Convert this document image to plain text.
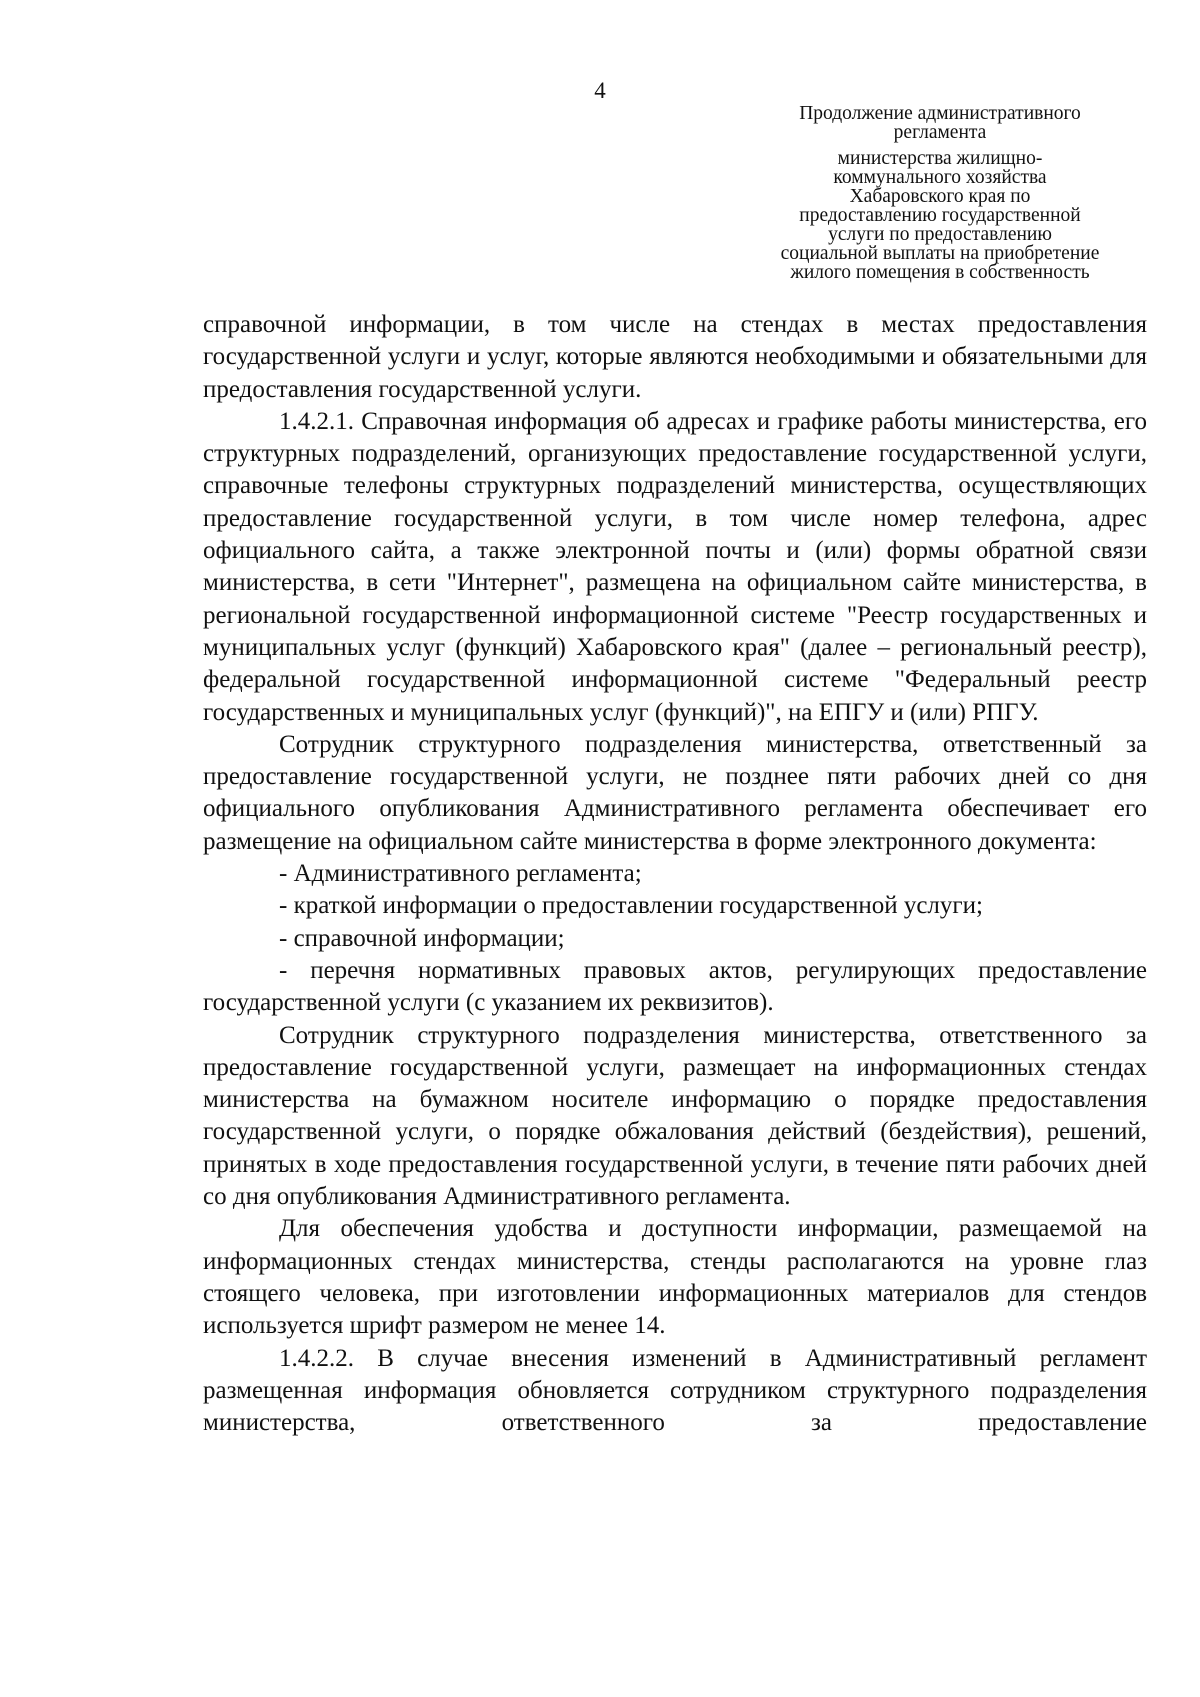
4
Продолжение административного
регламента
министерства жилищно-
коммунального хозяйства
Хабаровского края по
предоставлению государственной
услуги по предоставлению
социальной выплаты на приобретение
жилого помещения в собственность

справочной информации, в том числе на стендах в местах предоставления государственной услуги и услуг, которые являются необходимыми и обязательными для предоставления государственной услуги.

1.4.2.1. Справочная информация об адресах и графике работы министерства, его структурных подразделений, организующих предоставление государственной услуги, справочные телефоны структурных подразделений министерства, осуществляющих предоставление государственной услуги, в том числе номер телефона, адрес официального сайта, а также электронной почты и (или) формы обратной связи министерства, в сети "Интернет", размещена на официальном сайте министерства, в региональной государственной информационной системе "Реестр государственных и муниципальных услуг (функций) Хабаровского края" (далее – региональный реестр), федеральной государственной информационной системе "Федеральный реестр государственных и муниципальных услуг (функций)", на ЕПГУ и (или) РПГУ.

Сотрудник структурного подразделения министерства, ответственный за предоставление государственной услуги, не позднее пяти рабочих дней со дня официального опубликования Административного регламента обеспечивает его размещение на официальном сайте министерства в форме электронного документа:

- Административного регламента;

- краткой информации о предоставлении государственной услуги;

- справочной информации;

- перечня нормативных правовых актов, регулирующих предоставление государственной услуги (с указанием их реквизитов).

Сотрудник структурного подразделения министерства, ответственного за предоставление государственной услуги, размещает на информационных стендах министерства на бумажном носителе информацию о порядке предоставления государственной услуги, о порядке обжалования действий (бездействия), решений, принятых в ходе предоставления государственной услуги, в течение пяти рабочих дней со дня опубликования Административного регламента.

Для обеспечения удобства и доступности информации, размещаемой на информационных стендах министерства, стенды располагаются на уровне глаз стоящего человека, при изготовлении информационных материалов для стендов используется шрифт размером не менее 14.

1.4.2.2. В случае внесения изменений в Административный регламент размещенная информация обновляется сотрудником структурного подразделения министерства, ответственного за предоставление
